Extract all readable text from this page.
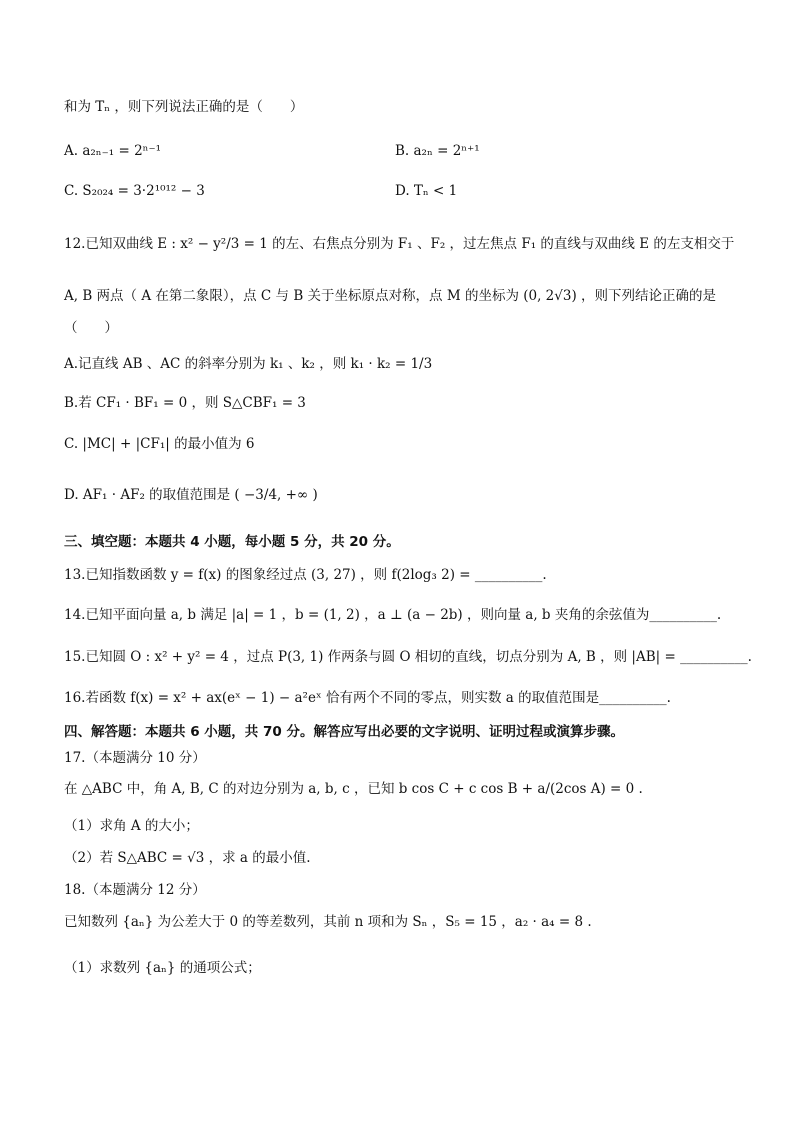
和为 Tₙ ，则下列说法正确的是（　　）
A. a₂ₙ₋₁ = 2ⁿ⁻¹	B. a₂ₙ = 2ⁿ⁺¹
C. S₂₀₂₄ = 3·2¹⁰¹² − 3	D. Tₙ < 1
12.已知双曲线 E : x² − y²/3 = 1 的左、右焦点分别为 F₁ 、F₂ ，过左焦点 F₁ 的直线与双曲线 E 的左支相交于
A, B 两点（ A 在第二象限），点 C 与 B 关于坐标原点对称，点 M 的坐标为 (0, 2√3) ，则下列结论正确的是
（　　）
A.记直线 AB 、AC 的斜率分别为 k₁ 、k₂ ，则 k₁ · k₂ = 1/3
B.若 CF₁ · BF₁ = 0 ，则 S△CBF₁ = 3
C. |MC| + |CF₁| 的最小值为 6
D. AF₁ · AF₂ 的取值范围是 ( −3/4, +∞ )
三、填空题：本题共 4 小题，每小题 5 分，共 20 分。
13.已知指数函数 y = f(x) 的图象经过点 (3, 27) ，则 f(2log₃ 2) = __________.
14.已知平面向量 a, b 满足 |a| = 1 ，b = (1, 2) ，a ⊥ (a − 2b) ，则向量 a, b 夹角的余弦值为__________.
15.已知圆 O : x² + y² = 4 ，过点 P(3, 1) 作两条与圆 O 相切的直线，切点分别为 A, B ，则 |AB| = __________.
16.若函数 f(x) = x² + ax(eˣ − 1) − a²eˣ 恰有两个不同的零点，则实数 a 的取值范围是__________.
四、解答题：本题共 6 小题，共 70 分。解答应写出必要的文字说明、证明过程或演算步骤。
17.（本题满分 10 分）
在 △ABC 中，角 A, B, C 的对边分别为 a, b, c ，已知 b cos C + c cos B + a/(2cos A) = 0 .
（1）求角 A 的大小；
（2）若 S△ABC = √3 ，求 a 的最小值.
18.（本题满分 12 分）
已知数列 {aₙ} 为公差大于 0 的等差数列，其前 n 项和为 Sₙ ，S₅ = 15 ，a₂ · a₄ = 8 .
（1）求数列 {aₙ} 的通项公式；
